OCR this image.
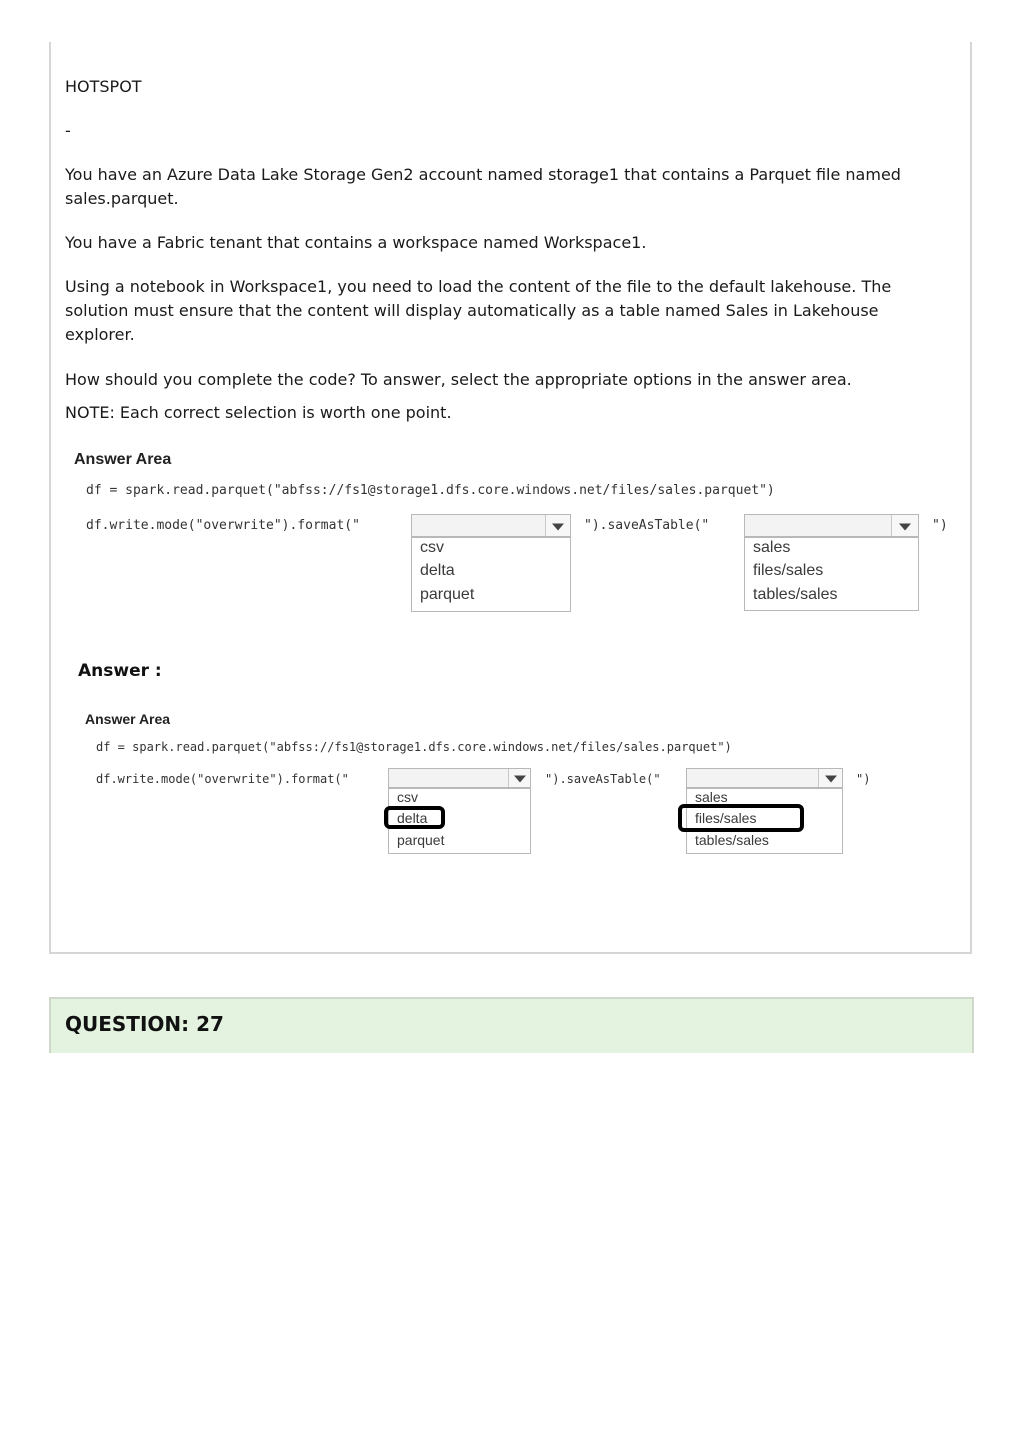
HOTSPOT

-

You have an Azure Data Lake Storage Gen2 account named storage1 that contains a Parquet file named sales.parquet.

You have a Fabric tenant that contains a workspace named Workspace1.

Using a notebook in Workspace1, you need to load the content of the file to the default lakehouse. The solution must ensure that the content will display automatically as a table named Sales in Lakehouse explorer.

How should you complete the code? To answer, select the appropriate options in the answer area.

NOTE: Each correct selection is worth one point.

Answer Area
df = spark.read.parquet("abfss://fs1@storage1.dfs.core.windows.net/files/sales.parquet")
df.write.mode("overwrite").format("
csv
delta
parquet
").saveAsTable("
sales
files/sales
tables/sales
")
Answer :
Answer Area
df = spark.read.parquet("abfss://fs1@storage1.dfs.core.windows.net/files/sales.parquet")
df.write.mode("overwrite").format("
csv
delta
parquet
").saveAsTable("
sales
files/sales
tables/sales
")
QUESTION: 27
